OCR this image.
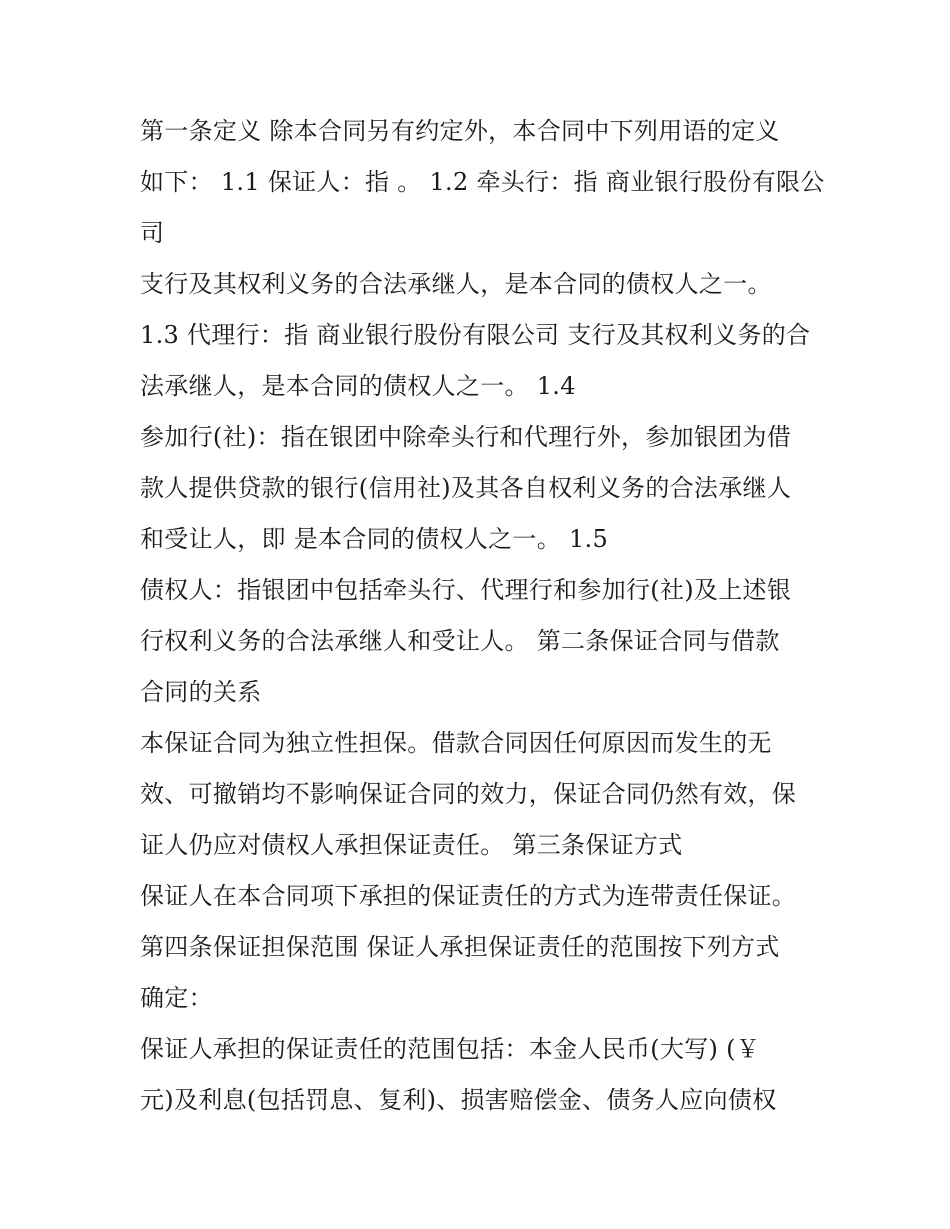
第一条定义 除本合同另有约定外，本合同中下列用语的定义
如下： 1.1 保证人：指 。 1.2 牵头行：指 商业银行股份有限公
司
支行及其权利义务的合法承继人，是本合同的债权人之一。
1.3 代理行：指 商业银行股份有限公司 支行及其权利义务的合
法承继人，是本合同的债权人之一。 1.4
参加行(社)：指在银团中除牵头行和代理行外，参加银团为借
款人提供贷款的银行(信用社)及其各自权利义务的合法承继人
和受让人，即 是本合同的债权人之一。 1.5
债权人：指银团中包括牵头行、代理行和参加行(社)及上述银
行权利义务的合法承继人和受让人。 第二条保证合同与借款
合同的关系
本保证合同为独立性担保。借款合同因任何原因而发生的无
效、可撤销均不影响保证合同的效力，保证合同仍然有效，保
证人仍应对债权人承担保证责任。 第三条保证方式
保证人在本合同项下承担的保证责任的方式为连带责任保证。
第四条保证担保范围 保证人承担保证责任的范围按下列方式
确定：
保证人承担的保证责任的范围包括：本金人民币(大写) (￥
元)及利息(包括罚息、复利)、损害赔偿金、债务人应向债权
